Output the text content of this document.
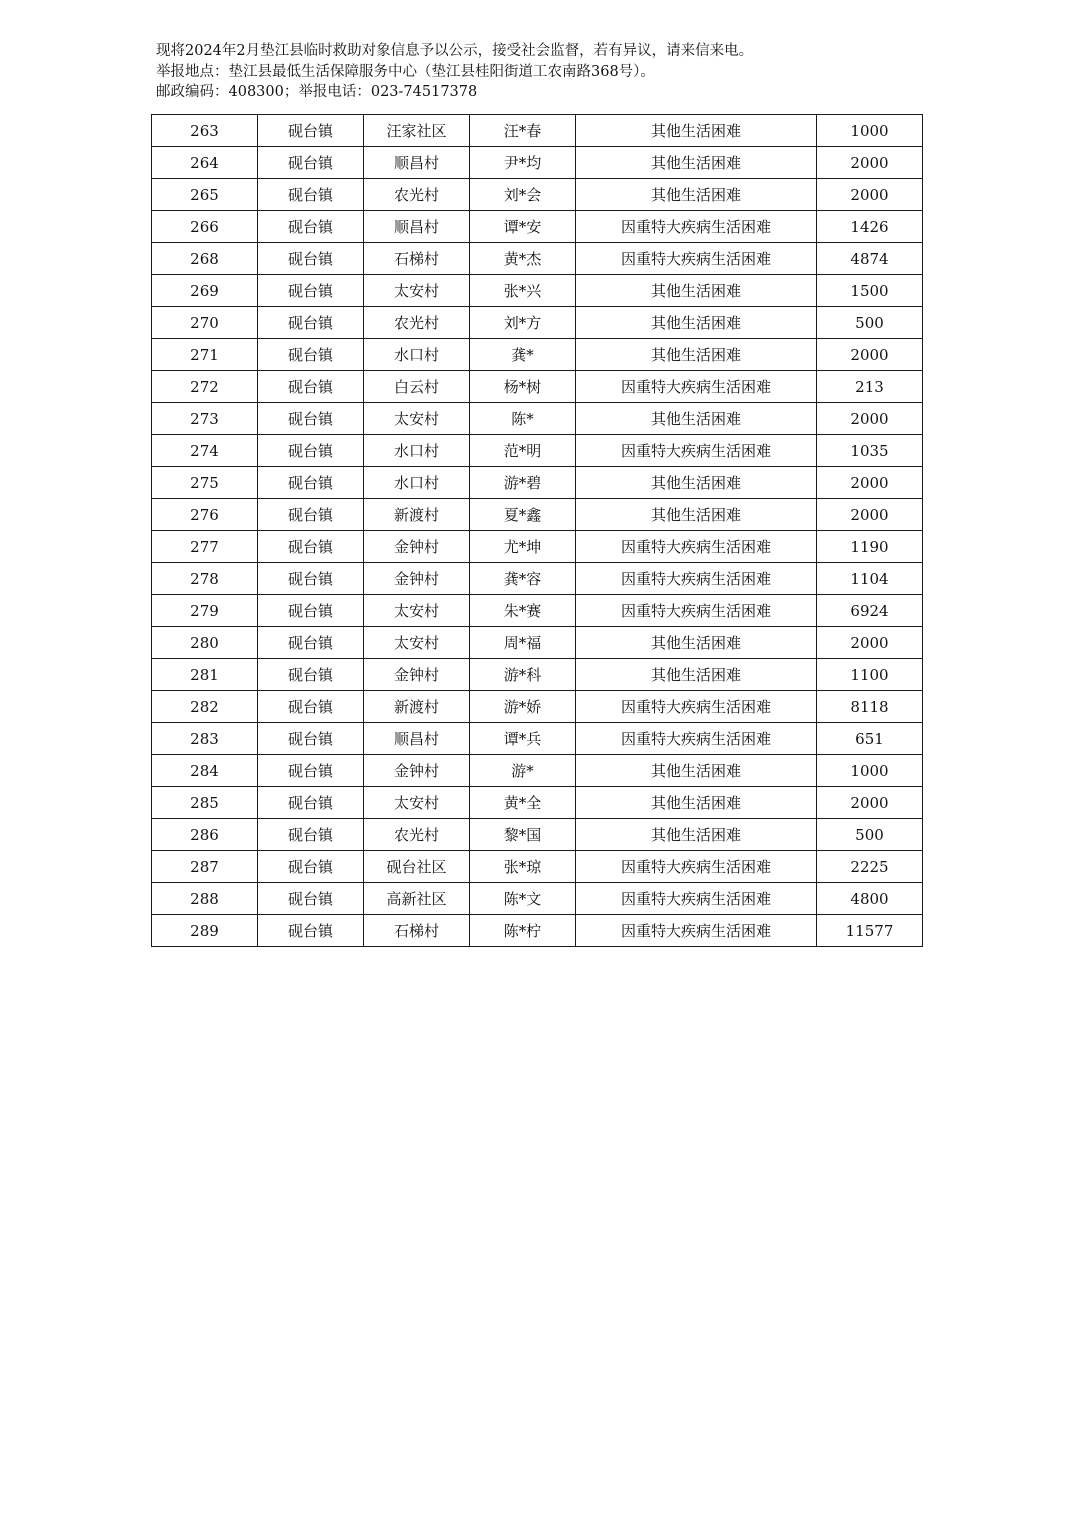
现将2024年2月垫江县临时救助对象信息予以公示，接受社会监督，若有异议，请来信来电。
举报地点：垫江县最低生活保障服务中心（垫江县桂阳街道工农南路368号）。
邮政编码：408300；举报电话：023-74517378
263	砚台镇	汪家社区	汪*春	其他生活困难	1000
264	砚台镇	顺昌村	尹*均	其他生活困难	2000
265	砚台镇	农光村	刘*会	其他生活困难	2000
266	砚台镇	顺昌村	谭*安	因重特大疾病生活困难	1426
268	砚台镇	石梯村	黄*杰	因重特大疾病生活困难	4874
269	砚台镇	太安村	张*兴	其他生活困难	1500
270	砚台镇	农光村	刘*方	其他生活困难	500
271	砚台镇	水口村	龚*	其他生活困难	2000
272	砚台镇	白云村	杨*树	因重特大疾病生活困难	213
273	砚台镇	太安村	陈*	其他生活困难	2000
274	砚台镇	水口村	范*明	因重特大疾病生活困难	1035
275	砚台镇	水口村	游*碧	其他生活困难	2000
276	砚台镇	新渡村	夏*鑫	其他生活困难	2000
277	砚台镇	金钟村	尤*坤	因重特大疾病生活困难	1190
278	砚台镇	金钟村	龚*容	因重特大疾病生活困难	1104
279	砚台镇	太安村	朱*赛	因重特大疾病生活困难	6924
280	砚台镇	太安村	周*福	其他生活困难	2000
281	砚台镇	金钟村	游*科	其他生活困难	1100
282	砚台镇	新渡村	游*娇	因重特大疾病生活困难	8118
283	砚台镇	顺昌村	谭*兵	因重特大疾病生活困难	651
284	砚台镇	金钟村	游*	其他生活困难	1000
285	砚台镇	太安村	黄*全	其他生活困难	2000
286	砚台镇	农光村	黎*国	其他生活困难	500
287	砚台镇	砚台社区	张*琼	因重特大疾病生活困难	2225
288	砚台镇	高新社区	陈*文	因重特大疾病生活困难	4800
289	砚台镇	石梯村	陈*柠	因重特大疾病生活困难	11577
